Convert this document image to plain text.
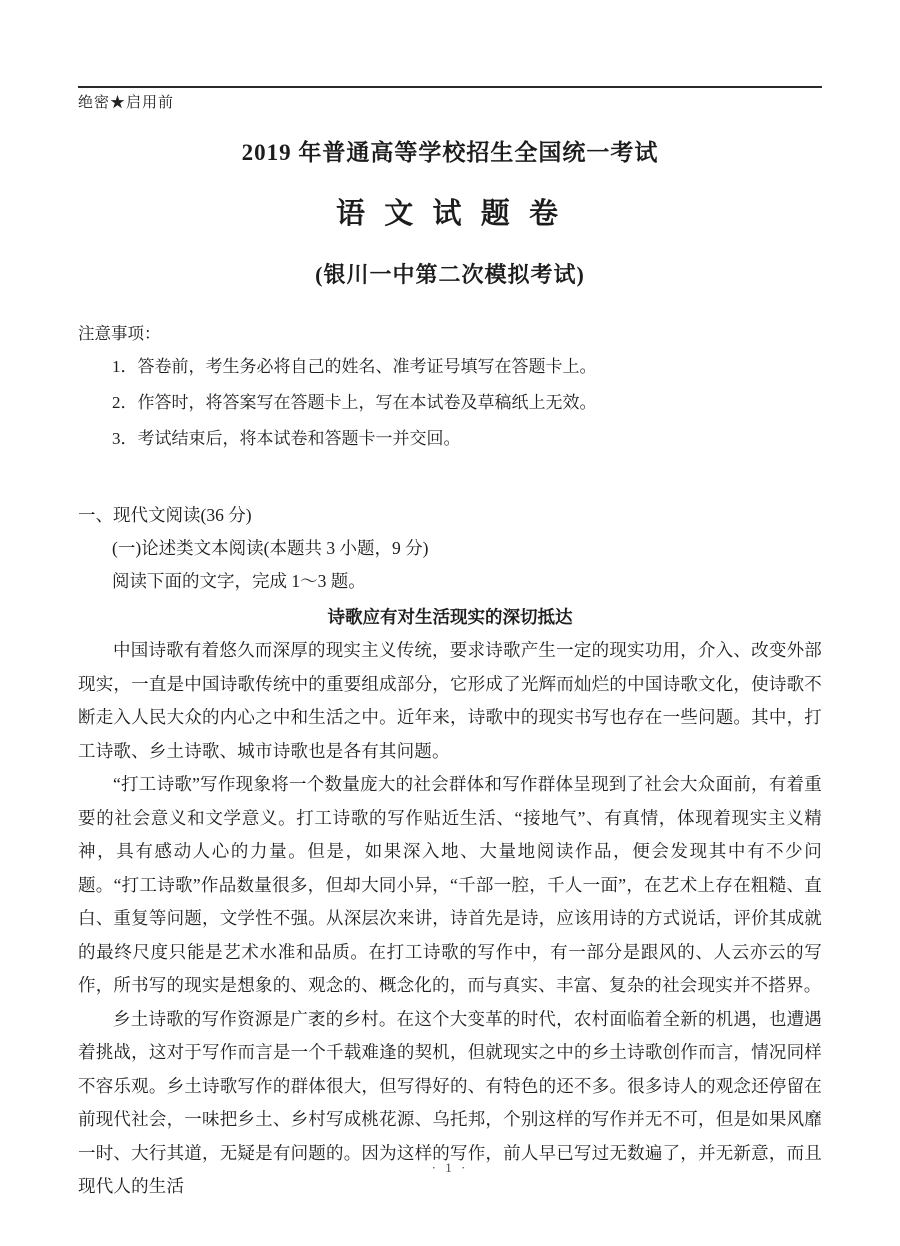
绝密★启用前
2019 年普通高等学校招生全国统一考试
语 文 试 题 卷
(银川一中第二次模拟考试)
注意事项：
1．答卷前，考生务必将自己的姓名、准考证号填写在答题卡上。
2．作答时，将答案写在答题卡上，写在本试卷及草稿纸上无效。
3．考试结束后，将本试卷和答题卡一并交回。
一、现代文阅读(36 分)
(一)论述类文本阅读(本题共 3 小题，9 分)
阅读下面的文字，完成 1～3 题。
诗歌应有对生活现实的深切抵达

中国诗歌有着悠久而深厚的现实主义传统，要求诗歌产生一定的现实功用，介入、改变外部现实，一直是中国诗歌传统中的重要组成部分，它形成了光辉而灿烂的中国诗歌文化，使诗歌不断走入人民大众的内心之中和生活之中。近年来，诗歌中的现实书写也存在一些问题。其中，打工诗歌、乡土诗歌、城市诗歌也是各有其问题。

“打工诗歌”写作现象将一个数量庞大的社会群体和写作群体呈现到了社会大众面前，有着重要的社会意义和文学意义。打工诗歌的写作贴近生活、“接地气”、有真情，体现着现实主义精神，具有感动人心的力量。但是，如果深入地、大量地阅读作品，便会发现其中有不少问题。“打工诗歌”作品数量很多，但却大同小异，“千部一腔，千人一面”，在艺术上存在粗糙、直白、重复等问题，文学性不强。从深层次来讲，诗首先是诗，应该用诗的方式说话，评价其成就的最终尺度只能是艺术水准和品质。在打工诗歌的写作中，有一部分是跟风的、人云亦云的写作，所书写的现实是想象的、观念的、概念化的，而与真实、丰富、复杂的社会现实并不搭界。

乡土诗歌的写作资源是广袤的乡村。在这个大变革的时代，农村面临着全新的机遇，也遭遇着挑战，这对于写作而言是一个千载难逢的契机，但就现实之中的乡土诗歌创作而言，情况同样不容乐观。乡土诗歌写作的群体很大，但写得好的、有特色的还不多。很多诗人的观念还停留在前现代社会，一味把乡土、乡村写成桃花源、乌托邦，个别这样的写作并无不可，但是如果风靡一时、大行其道，无疑是有问题的。因为这样的写作，前人早已写过无数遍了，并无新意，而且现代人的生活

· 1 ·
